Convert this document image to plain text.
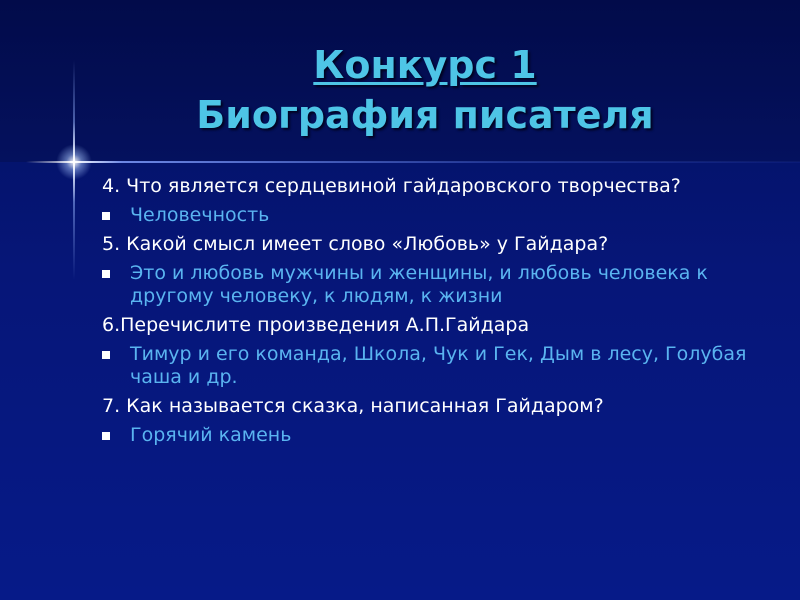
Конкурс 1
Биография писателя
4. Что является сердцевиной гайдаровского творчества?
Человечность
5. Какой смысл имеет слово «Любовь» у Гайдара?
Это и любовь мужчины и женщины, и любовь человека к другому человеку, к людям, к жизни
6.Перечислите произведения А.П.Гайдара
Тимур и его команда, Школа, Чук и Гек, Дым в лесу, Голубая чаша и др.
7. Как называется сказка, написанная Гайдаром?
Горячий камень
